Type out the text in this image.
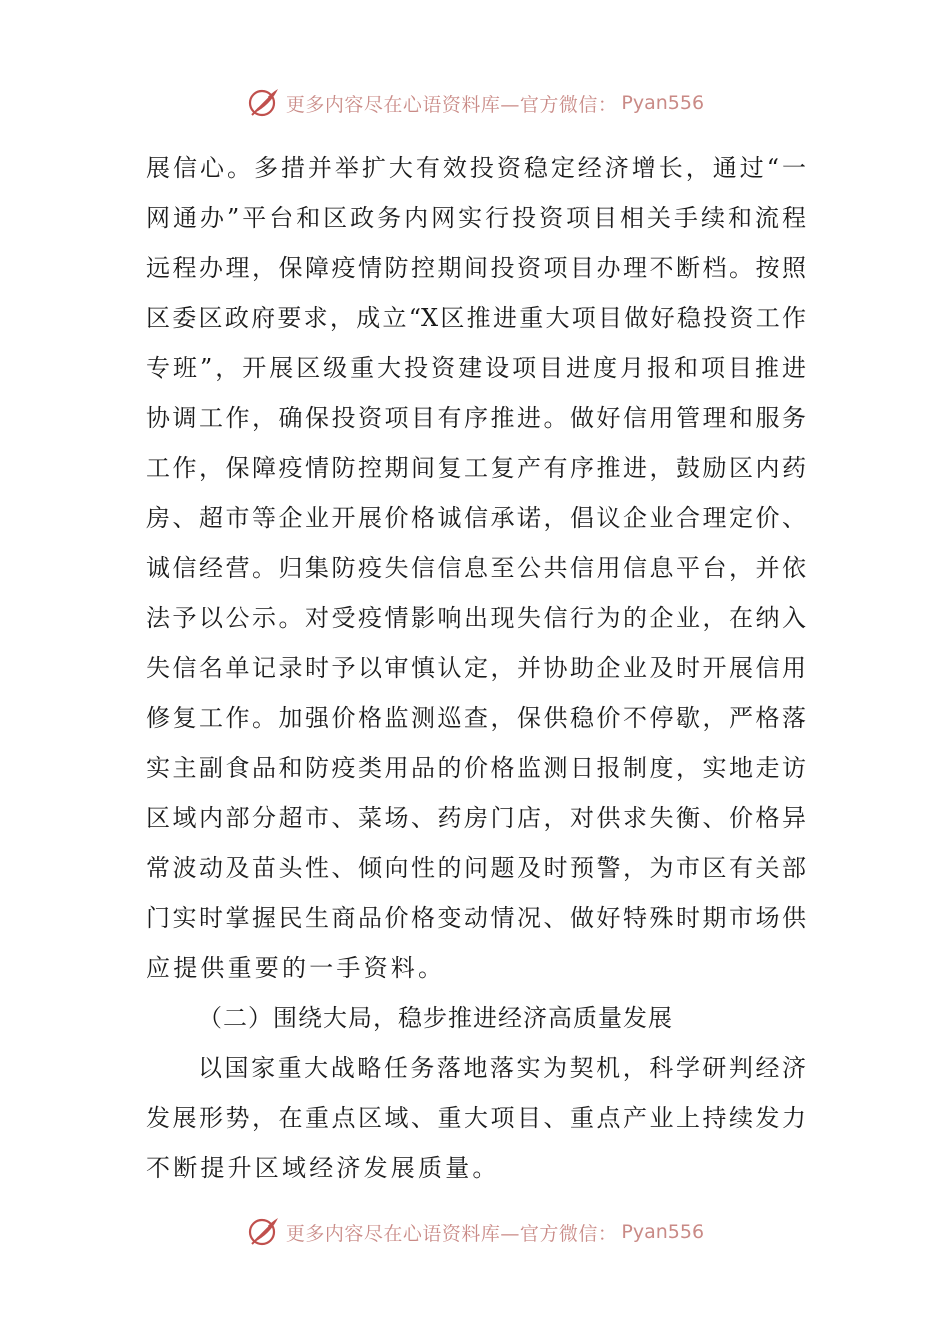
更多内容尽在心语资料库—官方微信： Pyan556
展信心。多措并举扩大有效投资稳定经济增长，通过“一
网通办”平台和区政务内网实行投资项目相关手续和流程
远程办理，保障疫情防控期间投资项目办理不断档。按照
区委区政府要求，成立“X区推进重大项目做好稳投资工作
专班”，开展区级重大投资建设项目进度月报和项目推进
协调工作，确保投资项目有序推进。做好信用管理和服务
工作，保障疫情防控期间复工复产有序推进，鼓励区内药
房、超市等企业开展价格诚信承诺，倡议企业合理定价、
诚信经营。归集防疫失信信息至公共信用信息平台，并依
法予以公示。对受疫情影响出现失信行为的企业，在纳入
失信名单记录时予以审慎认定，并协助企业及时开展信用
修复工作。加强价格监测巡查，保供稳价不停歇，严格落
实主副食品和防疫类用品的价格监测日报制度，实地走访
区域内部分超市、菜场、药房门店，对供求失衡、价格异
常波动及苗头性、倾向性的问题及时预警，为市区有关部
门实时掌握民生商品价格变动情况、做好特殊时期市场供
应提供重要的一手资料。
（二）围绕大局，稳步推进经济高质量发展
以国家重大战略任务落地落实为契机，科学研判经济
发展形势，在重点区域、重大项目、重点产业上持续发力
不断提升区域经济发展质量。
更多内容尽在心语资料库—官方微信： Pyan556
